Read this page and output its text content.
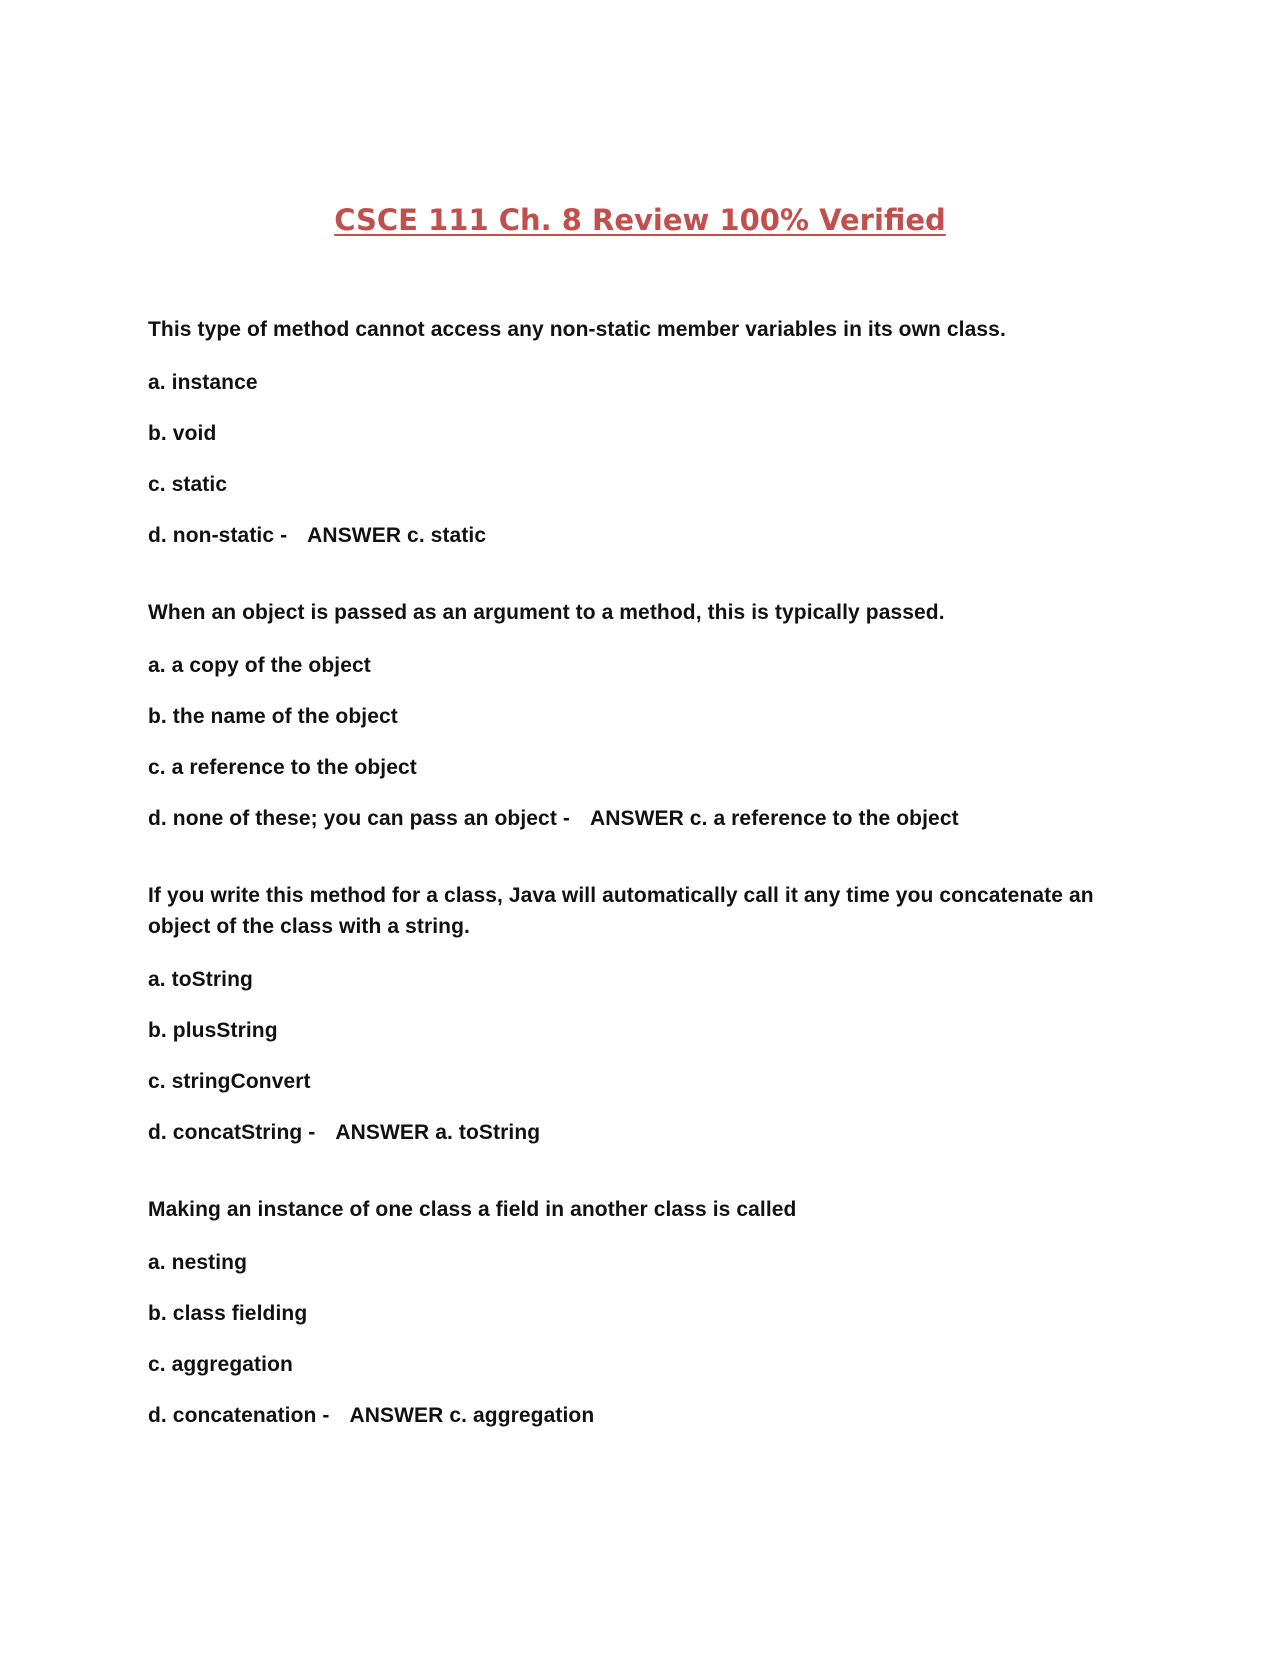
CSCE 111 Ch. 8 Review 100% Verified

This type of method cannot access any non-static member variables in its own class.

a. instance

b. void

c. static

d. non-static - ANSWER c. static

When an object is passed as an argument to a method, this is typically passed.

a. a copy of the object

b. the name of the object

c. a reference to the object

d. none of these; you can pass an object - ANSWER c. a reference to the object

If you write this method for a class, Java will automatically call it any time you concatenate an object of the class with a string.

a. toString

b. plusString

c. stringConvert

d. concatString - ANSWER a. toString

Making an instance of one class a field in another class is called

a. nesting

b. class fielding

c. aggregation

d. concatenation - ANSWER c. aggregation
